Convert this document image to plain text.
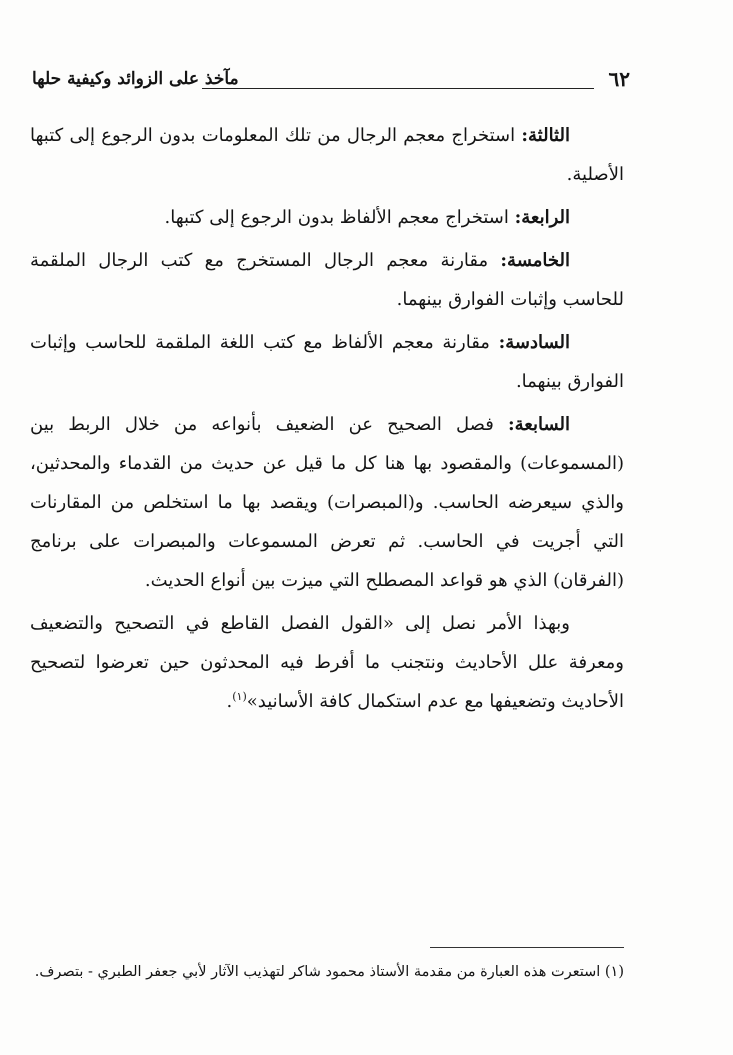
٦٢
مآخذ على الزوائد وكيفية حلها

الثالثة: استخراج معجم الرجال من تلك المعلومات بدون الرجوع إلى كتبها الأصلية.

الرابعة: استخراج معجم الألفاظ بدون الرجوع إلى كتبها.

الخامسة: مقارنة معجم الرجال المستخرج مع كتب الرجال الملقمة للحاسب وإثبات الفوارق بينهما.

السادسة: مقارنة معجم الألفاظ مع كتب اللغة الملقمة للحاسب وإثبات الفوارق بينهما.

السابعة: فصل الصحيح عن الضعيف بأنواعه من خلال الربط بين (المسموعات) والمقصود بها هنا كل ما قيل عن حديث من القدماء والمحدثين، والذي سيعرضه الحاسب. و(المبصرات) ويقصد بها ما استخلص من المقارنات التي أجريت في الحاسب. ثم تعرض المسموعات والمبصرات على برنامج (الفرقان) الذي هو قواعد المصطلح التي ميزت بين أنواع الحديث.

وبهذا الأمر نصل إلى «القول الفصل القاطع في التصحيح والتضعيف ومعرفة علل الأحاديث ونتجنب ما أفرط فيه المحدثون حين تعرضوا لتصحيح الأحاديث وتضعيفها مع عدم استكمال كافة الأسانيد»$^{(١)}$.

(١) استعرت هذه العبارة من مقدمة الأستاذ محمود شاكر لتهذيب الآثار لأبي جعفر الطبري - بتصرف.
